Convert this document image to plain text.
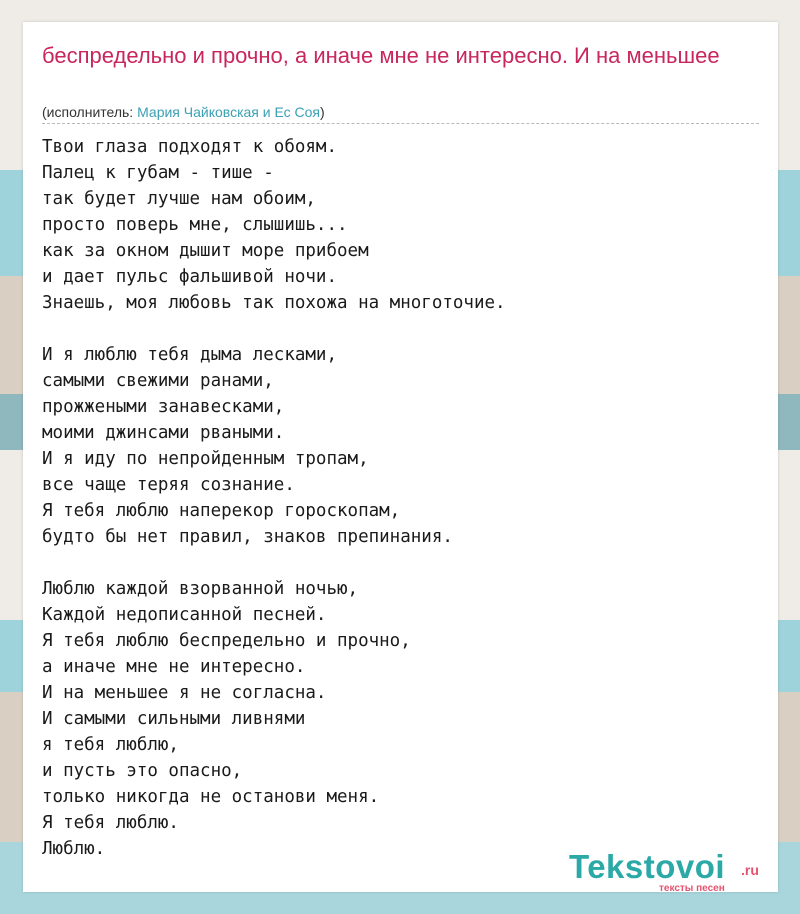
беспредельно и прочно, а иначе мне не интересно. И на меньшее
(исполнитель: Мария Чайковская и Ес Соя)
Твои глаза подходят к обоям.
Палец к губам - тише -
так будет лучше нам обоим,
просто поверь мне, слышишь...
как за окном дышит море прибоем
и дает пульс фальшивой ночи.
Знаешь, моя любовь так похожа на многоточие.

И я люблю тебя дыма лесками,
самыми свежими ранами,
прожжеными занавесками,
моими джинсами рваными.
И я иду по непройденным тропам,
все чаще теряя сознание.
Я тебя люблю наперекор гороскопам,
будто бы нет правил, знаков препинания.

Люблю каждой взорванной ночью,
Каждой недописанной песней.
Я тебя люблю беспредельно и прочно,
а иначе мне не интересно.
И на меньшее я не согласна.
И самыми сильными ливнями
я тебя люблю,
и пусть это опасно,
только никогда не останови меня.
Я тебя люблю.
Люблю.	Tekstovoi .ru
тексты песен
